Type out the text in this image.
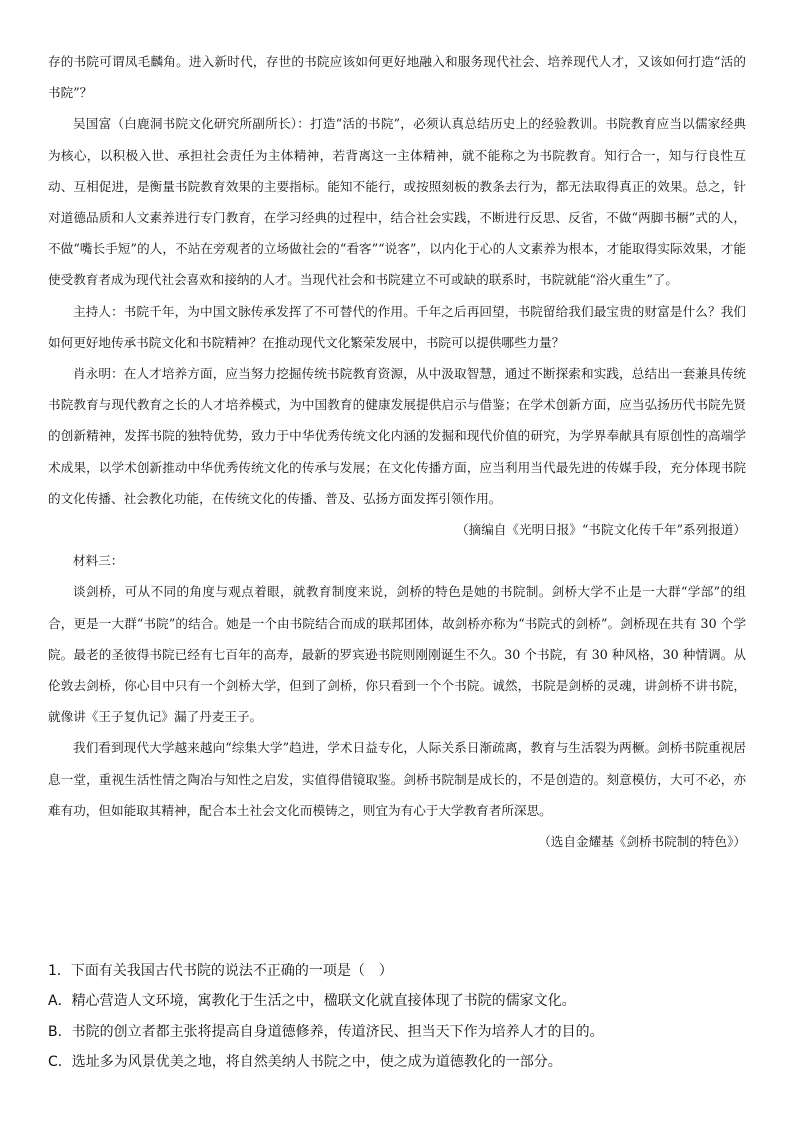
存的书院可谓凤毛麟角。进入新时代，存世的书院应该如何更好地融入和服务现代社会、培养现代人才，又该如何打造“活的书院”？

吴国富（白鹿洞书院文化研究所副所长）：打造“活的书院”，必须认真总结历史上的经验教训。书院教育应当以儒家经典为核心，以积极入世、承担社会责任为主体精神，若背离这一主体精神，就不能称之为书院教育。知行合一，知与行良性互动、互相促进，是衡量书院教育效果的主要指标。能知不能行，或按照刻板的教条去行为，都无法取得真正的效果。总之，针对道德品质和人文素养进行专门教育，在学习经典的过程中，结合社会实践，不断进行反思、反省，不做“两脚书橱”式的人，不做“嘴长手短”的人，不站在旁观者的立场做社会的“看客”“说客”，以内化于心的人文素养为根本，才能取得实际效果，才能使受教育者成为现代社会喜欢和接纳的人才。当现代社会和书院建立不可或缺的联系时，书院就能“浴火重生”了。

主持人：书院千年，为中国文脉传承发挥了不可替代的作用。千年之后再回望，书院留给我们最宝贵的财富是什么？我们如何更好地传承书院文化和书院精神？在推动现代文化繁荣发展中，书院可以提供哪些力量？

肖永明：在人才培养方面，应当努力挖掘传统书院教育资源，从中汲取智慧，通过不断探索和实践，总结出一套兼具传统书院教育与现代教育之长的人才培养模式，为中国教育的健康发展提供启示与借鉴；在学术创新方面，应当弘扬历代书院先贤的创新精神，发挥书院的独特优势，致力于中华优秀传统文化内涵的发掘和现代价值的研究，为学界奉献具有原创性的高端学术成果，以学术创新推动中华优秀传统文化的传承与发展；在文化传播方面，应当利用当代最先进的传媒手段，充分体现书院的文化传播、社会教化功能，在传统文化的传播、普及、弘扬方面发挥引领作用。

（摘编自《光明日报》“书院文化传千年”系列报道）

材料三：

谈剑桥，可从不同的角度与观点着眼，就教育制度来说，剑桥的特色是她的书院制。剑桥大学不止是一大群“学部”的组合，更是一大群“书院”的结合。她是一个由书院结合而成的联邦团体，故剑桥亦称为“书院式的剑桥”。剑桥现在共有 30 个学院。最老的圣彼得书院已经有七百年的高寿，最新的罗宾逊书院则刚刚诞生不久。30 个书院，有 30 种风格，30 种情调。从伦敦去剑桥，你心目中只有一个剑桥大学，但到了剑桥，你只看到一个个书院。诚然，书院是剑桥的灵魂，讲剑桥不讲书院，就像讲《王子复仇记》漏了丹麦王子。

我们看到现代大学越来越向“综集大学”趋进，学术日益专化，人际关系日渐疏离，教育与生活裂为两橛。剑桥书院重视居息一堂，重视生活性情之陶冶与知性之启发，实值得借镜取鉴。剑桥书院制是成长的，不是创造的。刻意模仿，大可不必，亦难有功，但如能取其精神，配合本土社会文化而模铸之，则宜为有心于大学教育者所深思。

（选自金耀基《剑桥书院制的特色》）

1．下面有关我国古代书院的说法不正确的一项是（　）

A．精心营造人文环境，寓教化于生活之中，楹联文化就直接体现了书院的儒家文化。

B．书院的创立者都主张将提高自身道德修养，传道济民、担当天下作为培养人才的目的。

C．选址多为风景优美之地，将自然美纳人书院之中，使之成为道德教化的一部分。
